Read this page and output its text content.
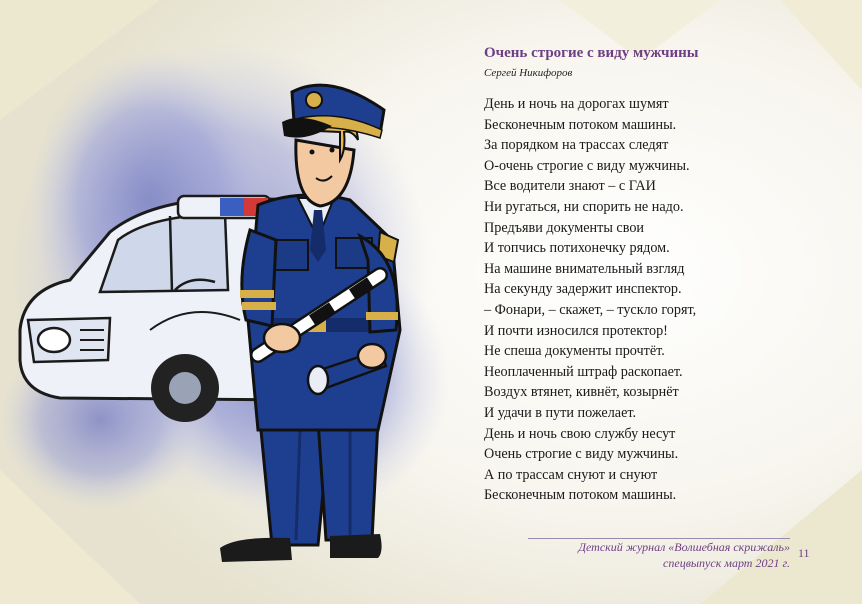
Очень строгие с виду мужчины
Сергей Никифоров
День и ночь на дорогах шумят
Бесконечным потоком машины.
За порядком на трассах следят
О-очень строгие с виду мужчины.
Все водители знают – с ГАИ
Ни ругаться, ни спорить не надо.
Предъяви документы свои
И топчись потихонечку рядом.
На машине внимательный взгляд
На секунду задержит инспектор.
– Фонари, – скажет, – тускло горят,
И почти износился протектор!
Не спеша документы прочтёт.
Неоплаченный штраф раскопает.
Воздух втянет, кивнёт, козырнёт
И удачи в пути пожелает.
День и ночь свою службу несут
Очень строгие с виду мужчины.
А по трассам снуют и снуют
Бесконечным потоком машины.
Детский журнал «Волшебная скрижаль»
спецвыпуск март 2021 г.
11
